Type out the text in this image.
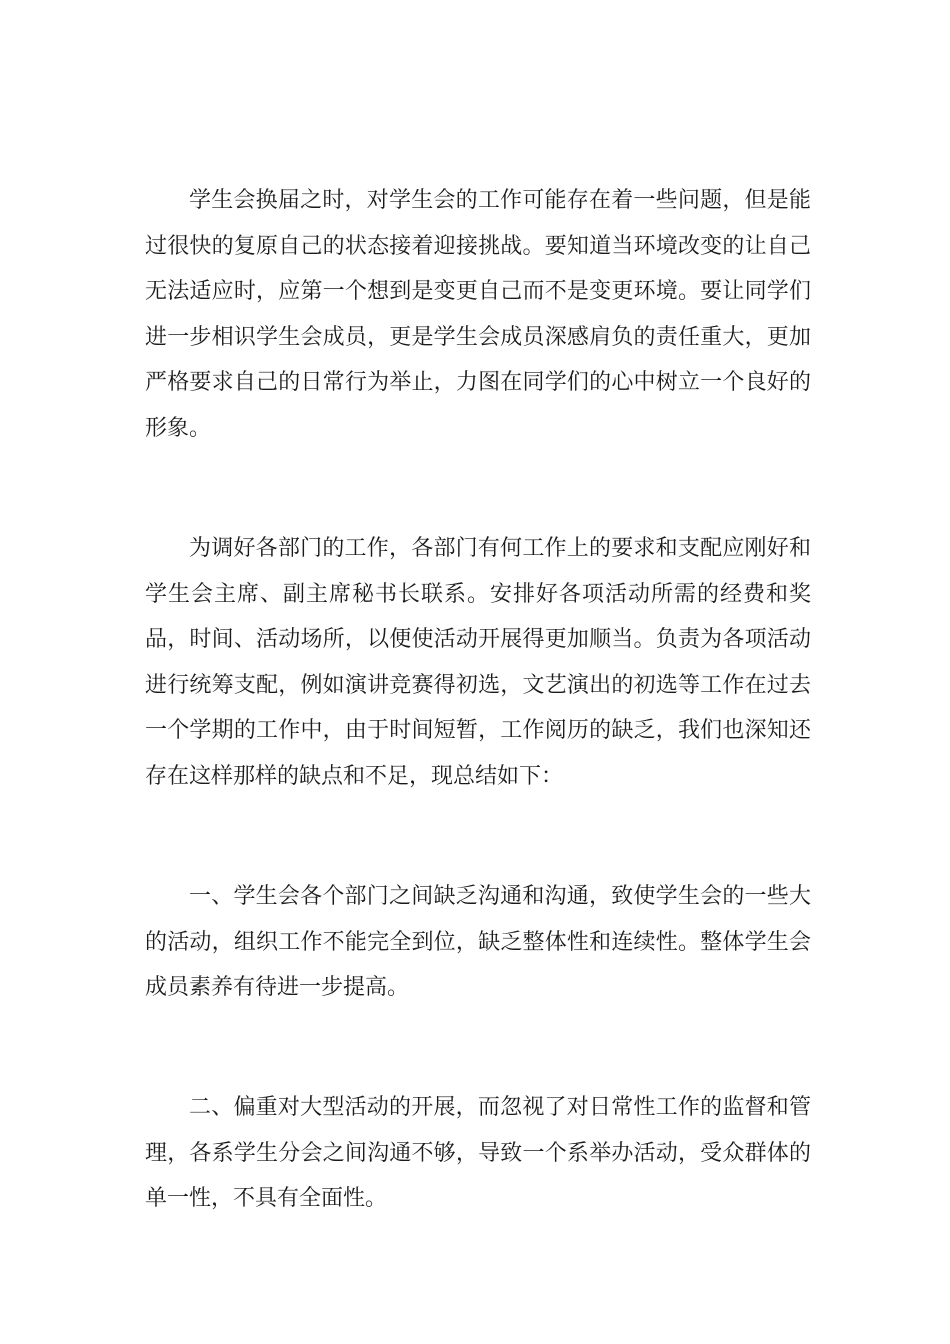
学生会换届之时，对学生会的工作可能存在着一些问题，但是能过很快的复原自己的状态接着迎接挑战。要知道当环境改变的让自己无法适应时，应第一个想到是变更自己而不是变更环境。要让同学们进一步相识学生会成员，更是学生会成员深感肩负的责任重大，更加严格要求自己的日常行为举止，力图在同学们的心中树立一个良好的形象。

为调好各部门的工作，各部门有何工作上的要求和支配应刚好和学生会主席、副主席秘书长联系。安排好各项活动所需的经费和奖品，时间、活动场所，以便使活动开展得更加顺当。负责为各项活动进行统筹支配，例如演讲竞赛得初选，文艺演出的初选等工作在过去一个学期的工作中，由于时间短暂，工作阅历的缺乏，我们也深知还存在这样那样的缺点和不足，现总结如下：

一、学生会各个部门之间缺乏沟通和沟通，致使学生会的一些大的活动，组织工作不能完全到位，缺乏整体性和连续性。整体学生会成员素养有待进一步提高。

二、偏重对大型活动的开展，而忽视了对日常性工作的监督和管理，各系学生分会之间沟通不够，导致一个系举办活动，受众群体的单一性，不具有全面性。
